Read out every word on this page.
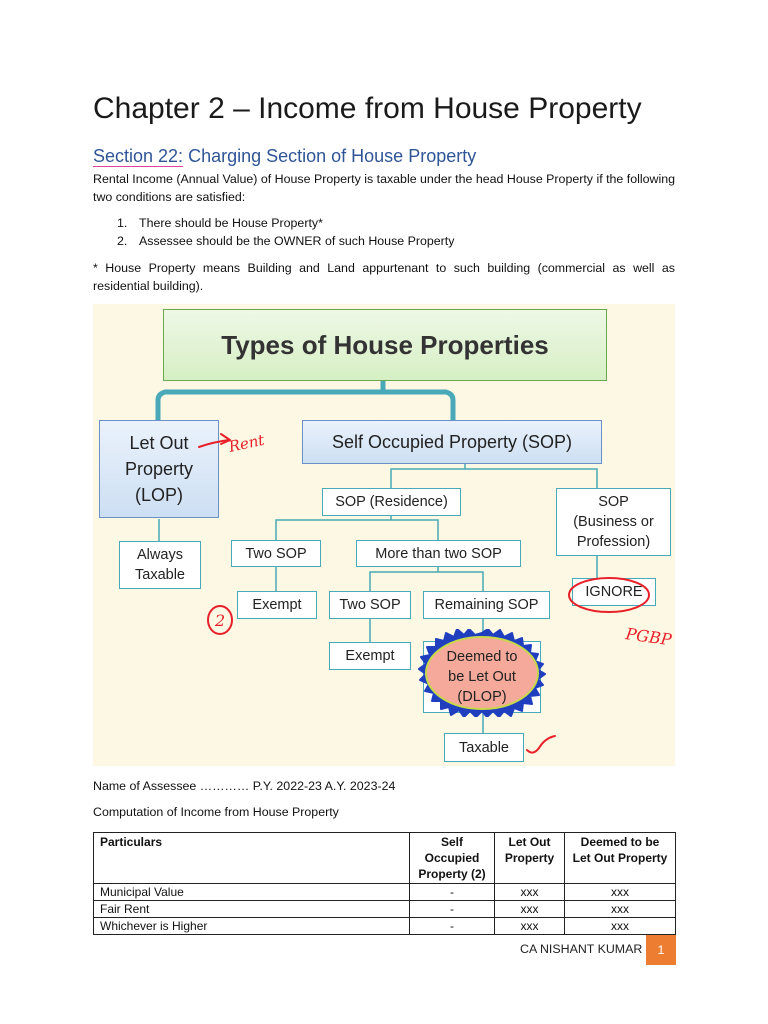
Chapter 2 – Income from House Property
Section 22: Charging Section of House Property
Rental Income (Annual Value) of House Property is taxable under the head House Property if the following two conditions are satisfied:
1. There should be House Property*
2. Assessee should be the OWNER of such House Property
* House Property means Building and Land appurtenant to such building (commercial as well as residential building).
Types of House Properties
Let Out
Property
(LOP)
Self Occupied Property (SOP)
Always
Taxable
SOP (Residence)	SOP
(Business or
Profession)
Two SOP	More than two SOP
Exempt	Two SOP Remaining SOP
IGNORE
Exempt	Deemed to
be Let Out
(DLOP)
Taxable
Rent
2
PGBP
Name of Assessee ………… P.Y. 2022-23 A.Y. 2023-24
Computation of Income from House Property
Particulars	Self Occupied Property (2)	Let Out Property	Deemed to be Let Out Property
Municipal Value	-	xxx	xxx
Fair Rent	-	xxx	xxx
Whichever is Higher	-	xxx	xxx
CA NISHANT KUMAR 1
